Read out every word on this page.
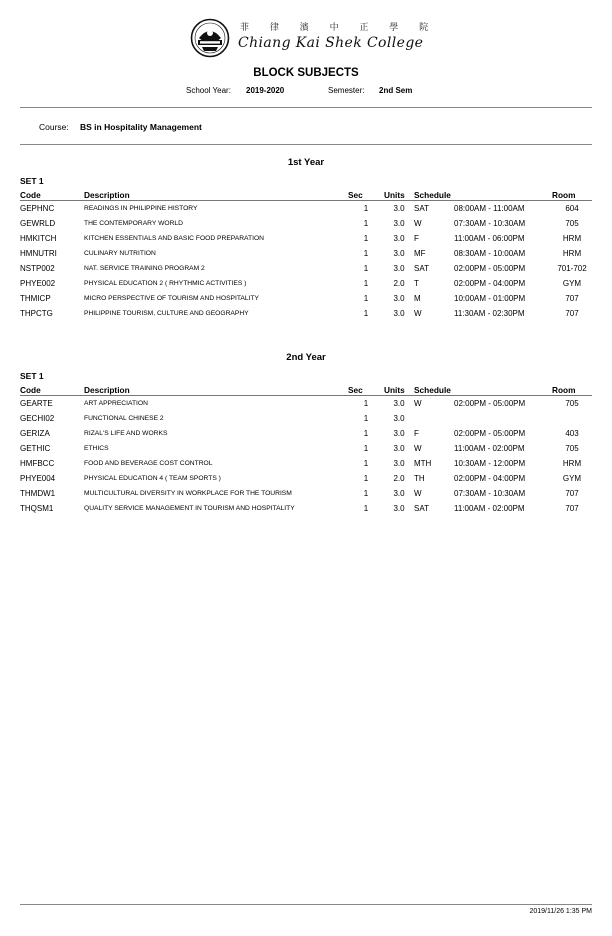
菲 律 濱 中 正 學 院
Chiang Kai Shek College
BLOCK SUBJECTS
School Year: 2019-2020	Semester: 2nd Sem
Course: BS in Hospitality Management
1st Year
SET 1
Code	Description	Sec	Units	Schedule		Room
GEPHNC	READINGS IN PHILIPPINE HISTORY	1	3.0	SAT	08:00AM - 11:00AM	604
GEWRLD	THE CONTEMPORARY WORLD	1	3.0	W	07:30AM - 10:30AM	705
HMKITCH	KITCHEN ESSENTIALS AND BASIC FOOD PREPARATION	1	3.0	F	11:00AM - 06:00PM	HRM
HMNUTRI	CULINARY NUTRITION	1	3.0	MF	08:30AM - 10:00AM	HRM
NSTP002	NAT. SERVICE TRAINING PROGRAM 2	1	3.0	SAT	02:00PM - 05:00PM	701-702
PHYE002	PHYSICAL EDUCATION 2 ( RHYTHMIC ACTIVITIES )	1	2.0	T	02:00PM - 04:00PM	GYM
THMICP	MICRO PERSPECTIVE OF TOURISM AND HOSPITALITY	1	3.0	M	10:00AM - 01:00PM	707
THPCTG	PHILIPPINE TOURISM, CULTURE AND GEOGRAPHY	1	3.0	W	11:30AM - 02:30PM	707
2nd Year
SET 1
Code	Description	Sec	Units	Schedule		Room
GEARTE	ART APPRECIATION	1	3.0	W	02:00PM - 05:00PM	705
GECHI02	FUNCTIONAL CHINESE 2	1	3.0			
GERIZA	RIZAL'S LIFE AND WORKS	1	3.0	F	02:00PM - 05:00PM	403
GETHIC	ETHICS	1	3.0	W	11:00AM - 02:00PM	705
HMFBCC	FOOD AND BEVERAGE COST CONTROL	1	3.0	MTH	10:30AM - 12:00PM	HRM
PHYE004	PHYSICAL EDUCATION 4 ( TEAM SPORTS )	1	2.0	TH	02:00PM - 04:00PM	GYM
THMDW1	MULTICULTURAL DIVERSITY IN WORKPLACE FOR THE TOURISM	1	3.0	W	07:30AM - 10:30AM	707
THQSM1	QUALITY SERVICE MANAGEMENT IN TOURISM AND HOSPITALITY	1	3.0	SAT	11:00AM - 02:00PM	707
2019/11/26 1:35 PM
